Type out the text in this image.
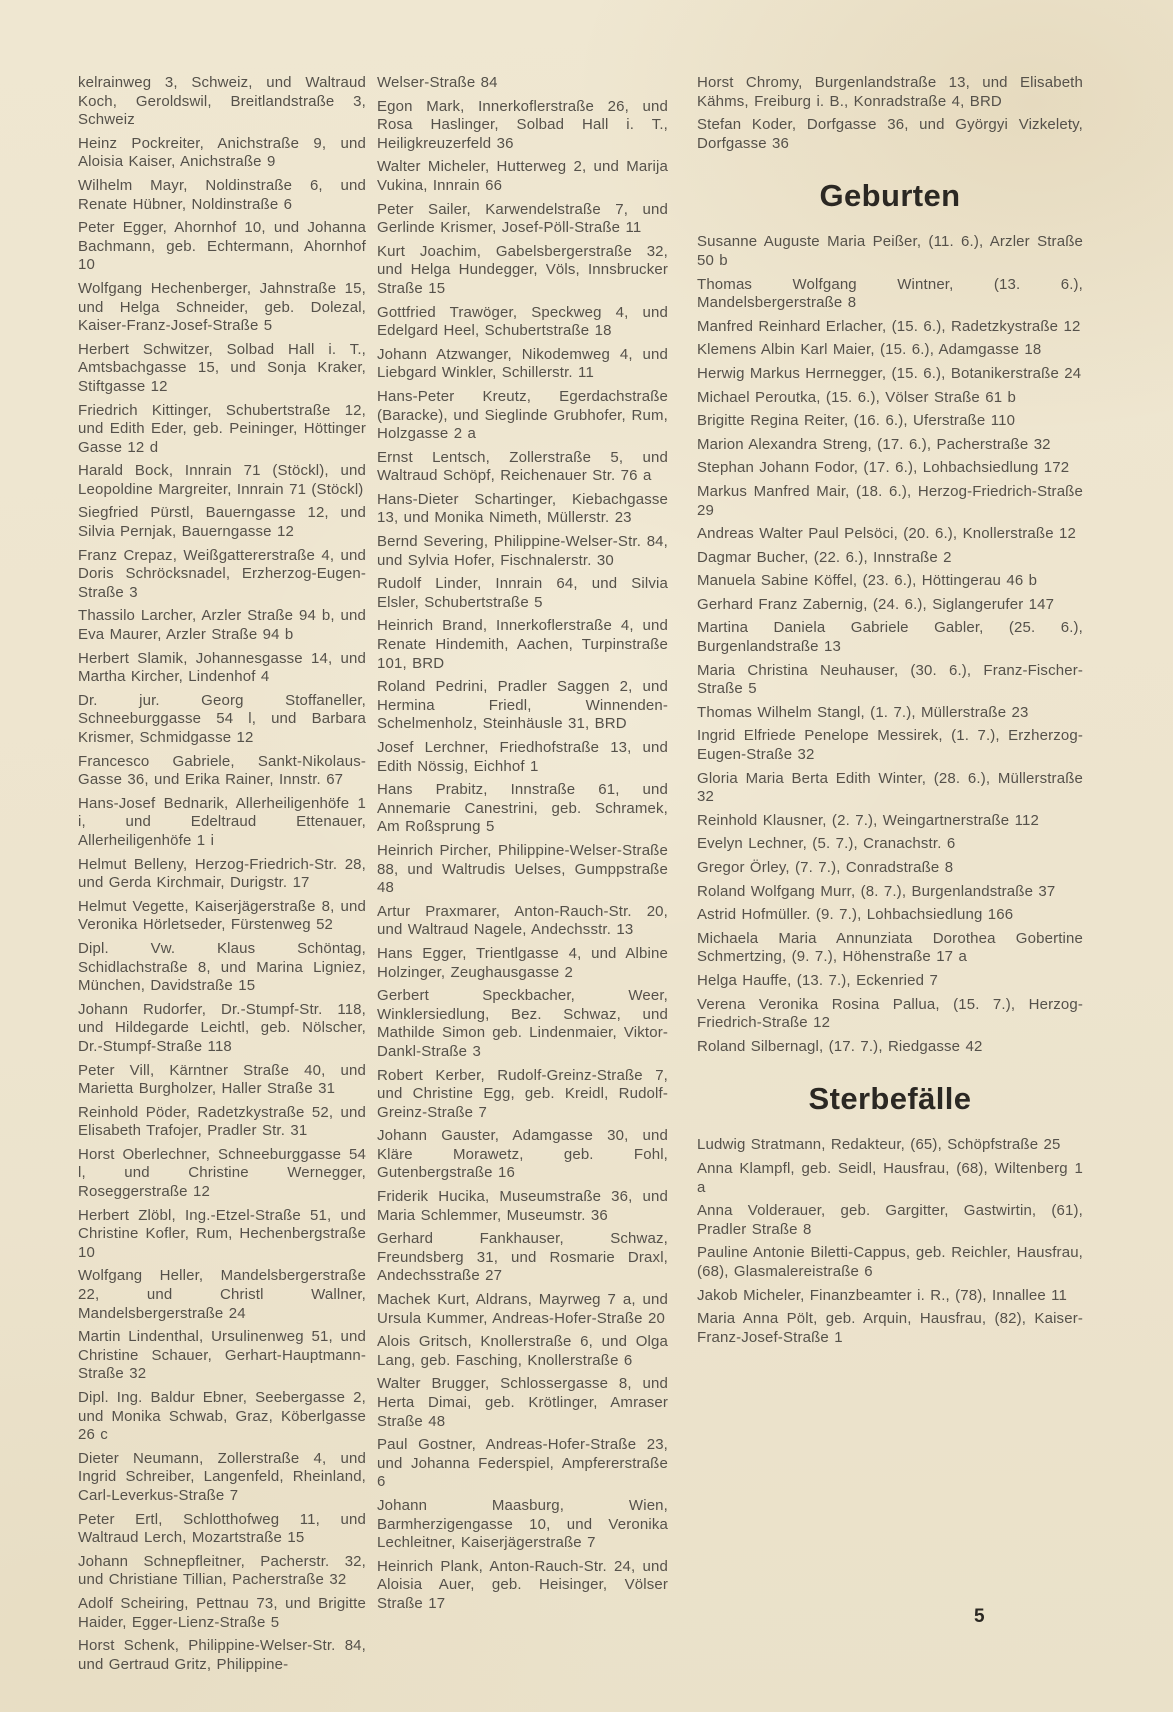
kelrainweg 3, Schweiz, und Waltraud Koch, Geroldswil, Breitlandstraße 3, Schweiz

Heinz Pockreiter, Anichstraße 9, und Aloisia Kaiser, Anichstraße 9

Wilhelm Mayr, Noldinstraße 6, und Renate Hübner, Noldinstraße 6

Peter Egger, Ahornhof 10, und Johanna Bachmann, geb. Echtermann, Ahornhof 10

Wolfgang Hechenberger, Jahnstraße 15, und Helga Schneider, geb. Dolezal, Kaiser-Franz-Josef-Straße 5

Herbert Schwitzer, Solbad Hall i. T., Amtsbachgasse 15, und Sonja Kraker, Stiftgasse 12

Friedrich Kittinger, Schubertstraße 12, und Edith Eder, geb. Peininger, Höttinger Gasse 12 d

Harald Bock, Innrain 71 (Stöckl), und Leopoldine Margreiter, Innrain 71 (Stöckl)

Siegfried Pürstl, Bauerngasse 12, und Silvia Pernjak, Bauerngasse 12

Franz Crepaz, Weißgattererstraße 4, und Doris Schröcksnadel, Erzherzog-Eugen-Straße 3

Thassilo Larcher, Arzler Straße 94 b, und Eva Maurer, Arzler Straße 94 b

Herbert Slamik, Johannesgasse 14, und Martha Kircher, Lindenhof 4

Dr. jur. Georg Stoffaneller, Schneeburggasse 54 l, und Barbara Krismer, Schmidgasse 12

Francesco Gabriele, Sankt-Nikolaus-Gasse 36, und Erika Rainer, Innstr. 67

Hans-Josef Bednarik, Allerheiligenhöfe 1 i, und Edeltraud Ettenauer, Allerheiligenhöfe 1 i

Helmut Belleny, Herzog-Friedrich-Str. 28, und Gerda Kirchmair, Durigstr. 17

Helmut Vegette, Kaiserjägerstraße 8, und Veronika Hörletseder, Fürstenweg 52

Dipl. Vw. Klaus Schöntag, Schidlachstraße 8, und Marina Ligniez, München, Davidstraße 15

Johann Rudorfer, Dr.-Stumpf-Str. 118, und Hildegarde Leichtl, geb. Nölscher, Dr.-Stumpf-Straße 118

Peter Vill, Kärntner Straße 40, und Marietta Burgholzer, Haller Straße 31

Reinhold Pöder, Radetzkystraße 52, und Elisabeth Trafojer, Pradler Str. 31

Horst Oberlechner, Schneeburggasse 54 l, und Christine Wernegger, Roseggerstraße 12

Herbert Zlöbl, Ing.-Etzel-Straße 51, und Christine Kofler, Rum, Hechenbergstraße 10

Wolfgang Heller, Mandelsbergerstraße 22, und Christl Wallner, Mandelsbergerstraße 24

Martin Lindenthal, Ursulinenweg 51, und Christine Schauer, Gerhart-Hauptmann-Straße 32

Dipl. Ing. Baldur Ebner, Seebergasse 2, und Monika Schwab, Graz, Köberlgasse 26 c

Dieter Neumann, Zollerstraße 4, und Ingrid Schreiber, Langenfeld, Rheinland, Carl-Leverkus-Straße 7

Peter Ertl, Schlotthofweg 11, und Waltraud Lerch, Mozartstraße 15

Johann Schnepfleitner, Pacherstr. 32, und Christiane Tillian, Pacherstraße 32

Adolf Scheiring, Pettnau 73, und Brigitte Haider, Egger-Lienz-Straße 5

Horst Schenk, Philippine-Welser-Str. 84, und Gertraud Gritz, Philippine-

Welser-Straße 84

Egon Mark, Innerkoflerstraße 26, und Rosa Haslinger, Solbad Hall i. T., Heiligkreuzerfeld 36

Walter Micheler, Hutterweg 2, und Marija Vukina, Innrain 66

Peter Sailer, Karwendelstraße 7, und Gerlinde Krismer, Josef-Pöll-Straße 11

Kurt Joachim, Gabelsbergerstraße 32, und Helga Hundegger, Völs, Innsbrucker Straße 15

Gottfried Trawöger, Speckweg 4, und Edelgard Heel, Schubertstraße 18

Johann Atzwanger, Nikodemweg 4, und Liebgard Winkler, Schillerstr. 11

Hans-Peter Kreutz, Egerdachstraße (Baracke), und Sieglinde Grubhofer, Rum, Holzgasse 2 a

Ernst Lentsch, Zollerstraße 5, und Waltraud Schöpf, Reichenauer Str. 76 a

Hans-Dieter Schartinger, Kiebachgasse 13, und Monika Nimeth, Müllerstr. 23

Bernd Severing, Philippine-Welser-Str. 84, und Sylvia Hofer, Fischnalerstr. 30

Rudolf Linder, Innrain 64, und Silvia Elsler, Schubertstraße 5

Heinrich Brand, Innerkoflerstraße 4, und Renate Hindemith, Aachen, Turpinstraße 101, BRD

Roland Pedrini, Pradler Saggen 2, und Hermina Friedl, Winnenden-Schelmenholz, Steinhäusle 31, BRD

Josef Lerchner, Friedhofstraße 13, und Edith Nössig, Eichhof 1

Hans Prabitz, Innstraße 61, und Annemarie Canestrini, geb. Schramek, Am Roßsprung 5

Heinrich Pircher, Philippine-Welser-Straße 88, und Waltrudis Uelses, Gumppstraße 48

Artur Praxmarer, Anton-Rauch-Str. 20, und Waltraud Nagele, Andechsstr. 13

Hans Egger, Trientlgasse 4, und Albine Holzinger, Zeughausgasse 2

Gerbert Speckbacher, Weer, Winklersiedlung, Bez. Schwaz, und Mathilde Simon geb. Lindenmaier, Viktor-Dankl-Straße 3

Robert Kerber, Rudolf-Greinz-Straße 7, und Christine Egg, geb. Kreidl, Rudolf-Greinz-Straße 7

Johann Gauster, Adamgasse 30, und Kläre Morawetz, geb. Fohl, Gutenbergstraße 16

Friderik Hucika, Museumstraße 36, und Maria Schlemmer, Museumstr. 36

Gerhard Fankhauser, Schwaz, Freundsberg 31, und Rosmarie Draxl, Andechsstraße 27

Machek Kurt, Aldrans, Mayrweg 7 a, und Ursula Kummer, Andreas-Hofer-Straße 20

Alois Gritsch, Knollerstraße 6, und Olga Lang, geb. Fasching, Knollerstraße 6

Walter Brugger, Schlossergasse 8, und Herta Dimai, geb. Krötlinger, Amraser Straße 48

Paul Gostner, Andreas-Hofer-Straße 23, und Johanna Federspiel, Ampfererstraße 6

Johann Maasburg, Wien, Barmherzigengasse 10, und Veronika Lechleitner, Kaiserjägerstraße 7

Heinrich Plank, Anton-Rauch-Str. 24, und Aloisia Auer, geb. Heisinger, Völser Straße 17

Horst Chromy, Burgenlandstraße 13, und Elisabeth Kähms, Freiburg i. B., Konradstraße 4, BRD

Stefan Koder, Dorfgasse 36, und Györgyi Vizkelety, Dorfgasse 36

Geburten

Susanne Auguste Maria Peißer, (11. 6.), Arzler Straße 50 b

Thomas Wolfgang Wintner, (13. 6.), Mandelsbergerstraße 8

Manfred Reinhard Erlacher, (15. 6.), Radetzkystraße 12

Klemens Albin Karl Maier, (15. 6.), Adamgasse 18

Herwig Markus Herrnegger, (15. 6.), Botanikerstraße 24

Michael Peroutka, (15. 6.), Völser Straße 61 b

Brigitte Regina Reiter, (16. 6.), Uferstraße 110

Marion Alexandra Streng, (17. 6.), Pacherstraße 32

Stephan Johann Fodor, (17. 6.), Lohbachsiedlung 172

Markus Manfred Mair, (18. 6.), Herzog-Friedrich-Straße 29

Andreas Walter Paul Pelsöci, (20. 6.), Knollerstraße 12

Dagmar Bucher, (22. 6.), Innstraße 2

Manuela Sabine Köffel, (23. 6.), Höttingerau 46 b

Gerhard Franz Zabernig, (24. 6.), Siglangerufer 147

Martina Daniela Gabriele Gabler, (25. 6.), Burgenlandstraße 13

Maria Christina Neuhauser, (30. 6.), Franz-Fischer-Straße 5

Thomas Wilhelm Stangl, (1. 7.), Müllerstraße 23

Ingrid Elfriede Penelope Messirek, (1. 7.), Erzherzog-Eugen-Straße 32

Gloria Maria Berta Edith Winter, (28. 6.), Müllerstraße 32

Reinhold Klausner, (2. 7.), Weingartnerstraße 112

Evelyn Lechner, (5. 7.), Cranachstr. 6

Gregor Örley, (7. 7.), Conradstraße 8

Roland Wolfgang Murr, (8. 7.), Burgenlandstraße 37

Astrid Hofmüller. (9. 7.), Lohbachsiedlung 166

Michaela Maria Annunziata Dorothea Gobertine Schmertzing, (9. 7.), Höhenstraße 17 a

Helga Hauffe, (13. 7.), Eckenried 7

Verena Veronika Rosina Pallua, (15. 7.), Herzog-Friedrich-Straße 12

Roland Silbernagl, (17. 7.), Riedgasse 42

Sterbefälle

Ludwig Stratmann, Redakteur, (65), Schöpfstraße 25

Anna Klampfl, geb. Seidl, Hausfrau, (68), Wiltenberg 1 a

Anna Volderauer, geb. Gargitter, Gastwirtin, (61), Pradler Straße 8

Pauline Antonie Biletti-Cappus, geb. Reichler, Hausfrau, (68), Glasmalereistraße 6

Jakob Micheler, Finanzbeamter i. R., (78), Innallee 11

Maria Anna Pölt, geb. Arquin, Hausfrau, (82), Kaiser-Franz-Josef-Straße 1

5
